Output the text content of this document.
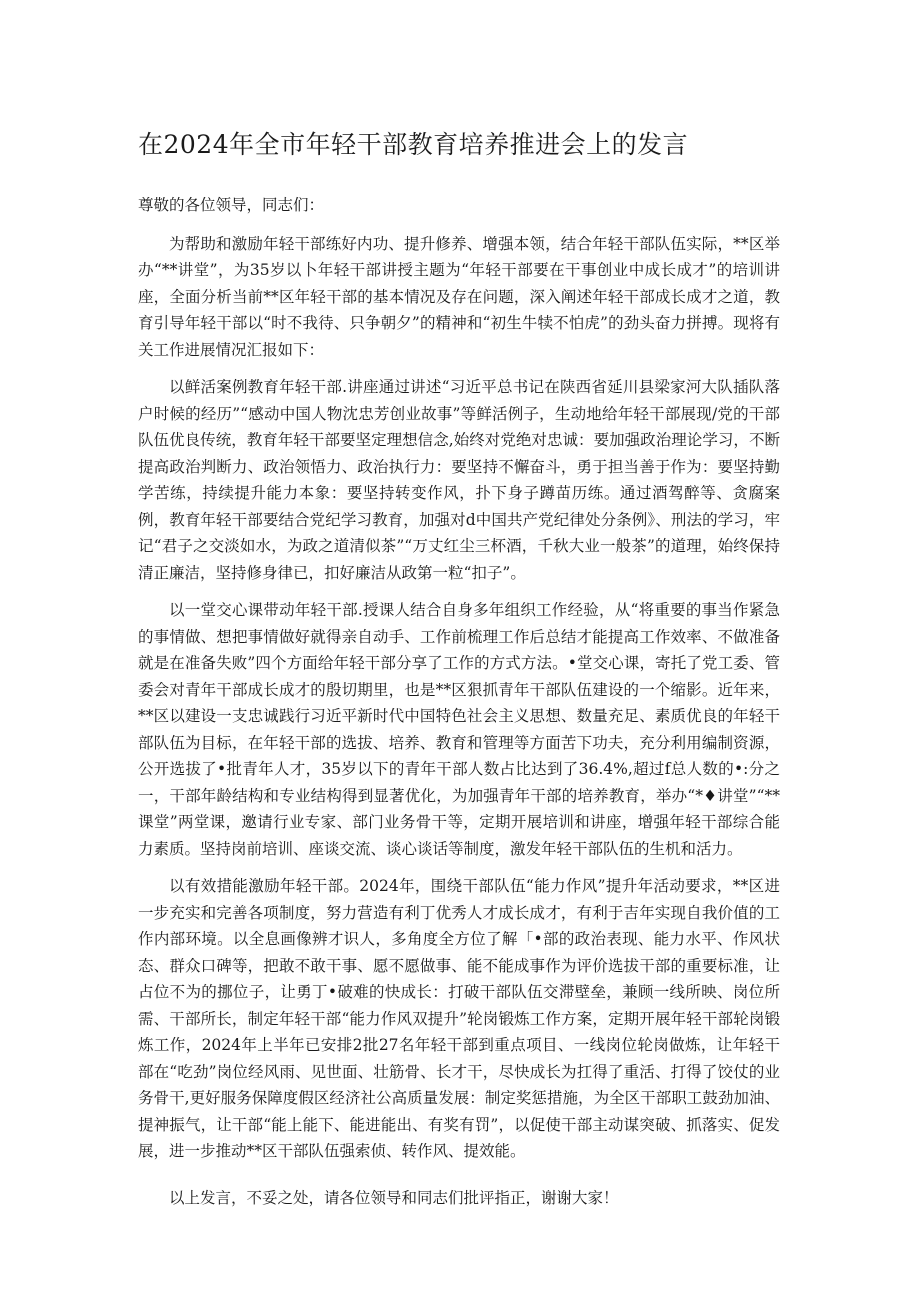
在2024年全市年轻干部教育培养推进会上的发言

尊敬的各位领导，同志们：

为帮助和激励年轻干部练好内功、提升修养、增强本领，结合年轻干部队伍实际，**区举办“**讲堂”，为35岁以卜年轻干部讲授主题为“年轻干部要在干事创业中成长成才”的培训讲座，全面分析当前**区年轻干部的基本情况及存在问题，深入阐述年轻干部成长成才之道，教育引导年轻干部以“时不我待、只争朝夕”的精神和“初生牛犊不怕虎”的劲头奋力拼搏。现将有关工作进展情况汇报如下：

以鲜活案例教育年轻干部.讲座通过讲述“习近平总书记在陕西省延川县梁家河大队插队落户时候的经历”“感动中国人物沈忠芳创业故事”等鲜活例子，生动地给年轻干部展现/党的干部队伍优良传统，教育年轻干部要坚定理想信念,始终对党绝对忠诚：要加强政治理论学习，不断提高政治判断力、政治领悟力、政治执行力：要坚持不懈奋斗，勇于担当善于作为：要坚持勤学苦练，持续提升能力本象：要坚持转变作风，扑下身子蹲苗历练。通过酒驾醉等、贪腐案例，教育年轻干部要结合党纪学习教育，加强对d中国共产党纪律处分条例》、刑法的学习，牢记“君子之交淡如水，为政之道清似茶”“万丈红尘三杯酒，千秋大业一般茶”的道理，始终保持清正廉洁，坚持修身律已，扣好廉洁从政第一粒“扣子”。

以一堂交心课带动年轻干部.授课人结合自身多年组织工作经验，从“将重要的事当作紧急的事情做、想把事情做好就得亲自动手、工作前梳理工作后总结才能提高工作效率、不做准备就是在准备失败”四个方面给年轻干部分享了工作的方式方法。•堂交心课，寄托了党工委、管委会对青年干部成长成才的殷切期里，也是**区狠抓青年干部队伍建设的一个缩影。近年来，**区以建设一支忠诚践行习近平新时代中国特色社会主义思想、数量充足、素质优良的年轻干部队伍为目标，在年轻干部的选拔、培养、教育和管理等方面苦下功夫，充分利用编制资源，公开选拔了•批青年人才，35岁以下的青年干部人数占比达到了36.4%,超过f总人数的•:分之一，干部年龄结构和专业结构得到显著优化，为加强青年干部的培养教育，举办“*♦讲堂”“**课堂”两堂课，邀请行业专家、部门业务骨干等，定期开展培训和讲座，增强年轻干部综合能力素质。坚持岗前培训、座谈交流、谈心谈话等制度，激发年轻干部队伍的生机和活力。

以有效措能激励年轻干部。2024年，围绕干部队伍“能力作风”提升年活动要求，**区进一步充实和完善各项制度，努力营造有利丁优秀人才成长成才，有利于吉年实现自我价值的工作内部环境。以全息画像辨才识人，多角度全方位了解「•部的政治表现、能力水平、作风状态、群众口碑等，把敢不敢干事、愿不愿做事、能不能成事作为评价选拔干部的重要标准，让占位不为的挪位子，让勇丁•破难的快成长：打破干部队伍交滞壁垒，兼顾一线所映、岗位所需、干部所长，制定年轻干部“能力作风双提升”轮岗锻炼工作方案，定期开展年轻干部轮岗锻炼工作，2024年上半年已安排2批27名年轻干部到重点项目、一线岗位轮岗做炼，让年轻干部在“吃劲”岗位经风雨、见世面、壮筋骨、长才干，尽快成长为扛得了重活、打得了饺仗的业务骨干,更好服务保障度假区经济社公高质量发展：制定奖惩措施，为全区干部职工鼓劲加油、提神振气，让干部“能上能下、能进能出、有奖有罚”，以促使干部主动谋突破、抓落实、促发展，进一步推动**区干部队伍强索侦、转作风、提效能。

以上发言，不妥之处，请各位领导和同志们批评指正，谢谢大家！
